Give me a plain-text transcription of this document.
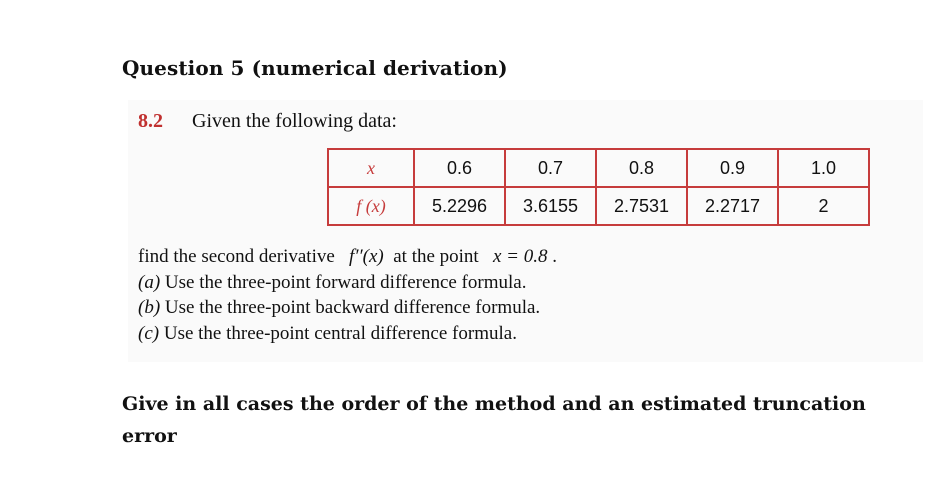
Question 5 (numerical derivation)
8.2 Given the following data:
x	0.6	0.7	0.8	0.9	1.0
f (x)	5.2296	3.6155	2.7531	2.2717	2
find the second derivative f′′(x) at the point x = 0.8 .
(a) Use the three-point forward difference formula.
(b) Use the three-point backward difference formula.
(c) Use the three-point central difference formula.
Give in all cases the order of the method and an estimated truncation error
